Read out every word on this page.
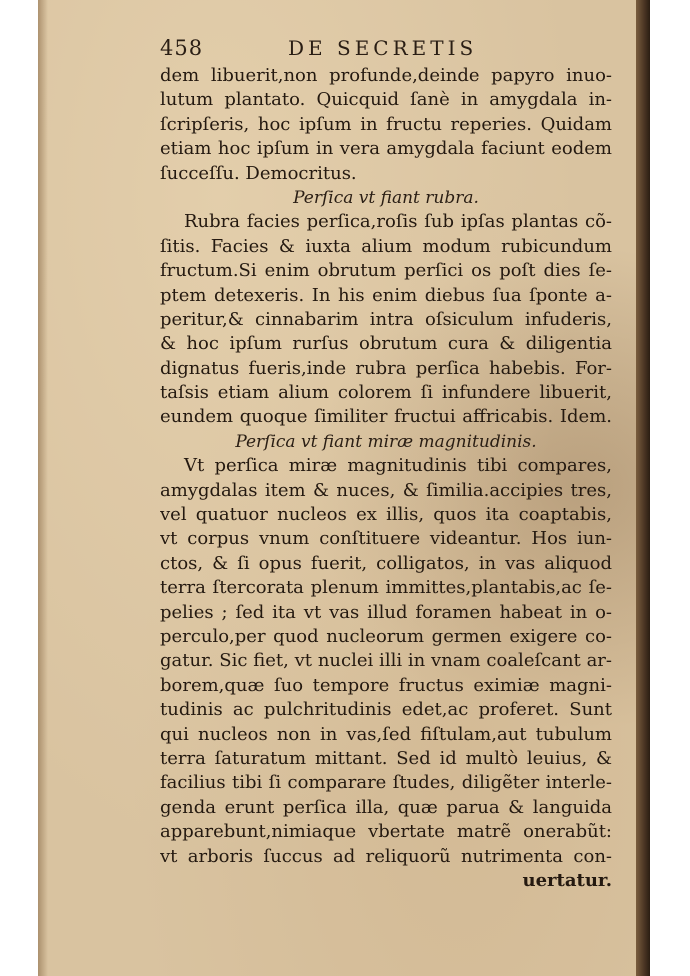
458	DE SECRETIS
dem libuerit,non profunde,deinde papyro inuo-
lutum plantato. Quicquid ſanè in amygdala in-
ſcripſeris, hoc ipſum in fructu reperies. Quidam
etiam hoc ipſum in vera amygdala faciunt eodem
ſucceſſu. Democritus.
Perſica vt fiant rubra.
Rubra facies perſica,roſis ſub ipſas plantas cõ-
ſitis. Facies & iuxta alium modum rubicundum
fructum.Si enim obrutum perſici os poſt dies ſe-
ptem detexeris. In his enim diebus ſua ſponte a-
peritur,& cinnabarim intra oſsiculum infuderis,
& hoc ipſum rurſus obrutum cura & diligentia
dignatus fueris,inde rubra perſica habebis. For-
taſsis etiam alium colorem ſi infundere libuerit,
eundem quoque ſimiliter fructui affricabis. Idem.
Perſica vt fiant miræ magnitudinis.
Vt perſica miræ magnitudinis tibi compares,
amygdalas item & nuces, & ſimilia.accipies tres,
vel quatuor nucleos ex illis, quos ita coaptabis,
vt corpus vnum conſtituere videantur. Hos iun-
ctos, & ſi opus fuerit, colligatos, in vas aliquod
terra ſtercorata plenum immittes,plantabis,ac ſe-
pelies ; ſed ita vt vas illud foramen habeat in o-
perculo,per quod nucleorum germen exigere co-
gatur. Sic fiet, vt nuclei illi in vnam coaleſcant ar-
borem,quæ ſuo tempore fructus eximiæ magni-
tudinis ac pulchritudinis edet,ac proferet. Sunt
qui nucleos non in vas,ſed fiſtulam,aut tubulum
terra ſaturatum mittant. Sed id multò leuius, &
facilius tibi ſi comparare ſtudes, diligẽter interle-
genda erunt perſica illa, quæ parua & languida
apparebunt,nimiaque vbertate matrẽ onerabũt:
vt arboris ſuccus ad reliquorũ nutrimenta con-
uertatur.
